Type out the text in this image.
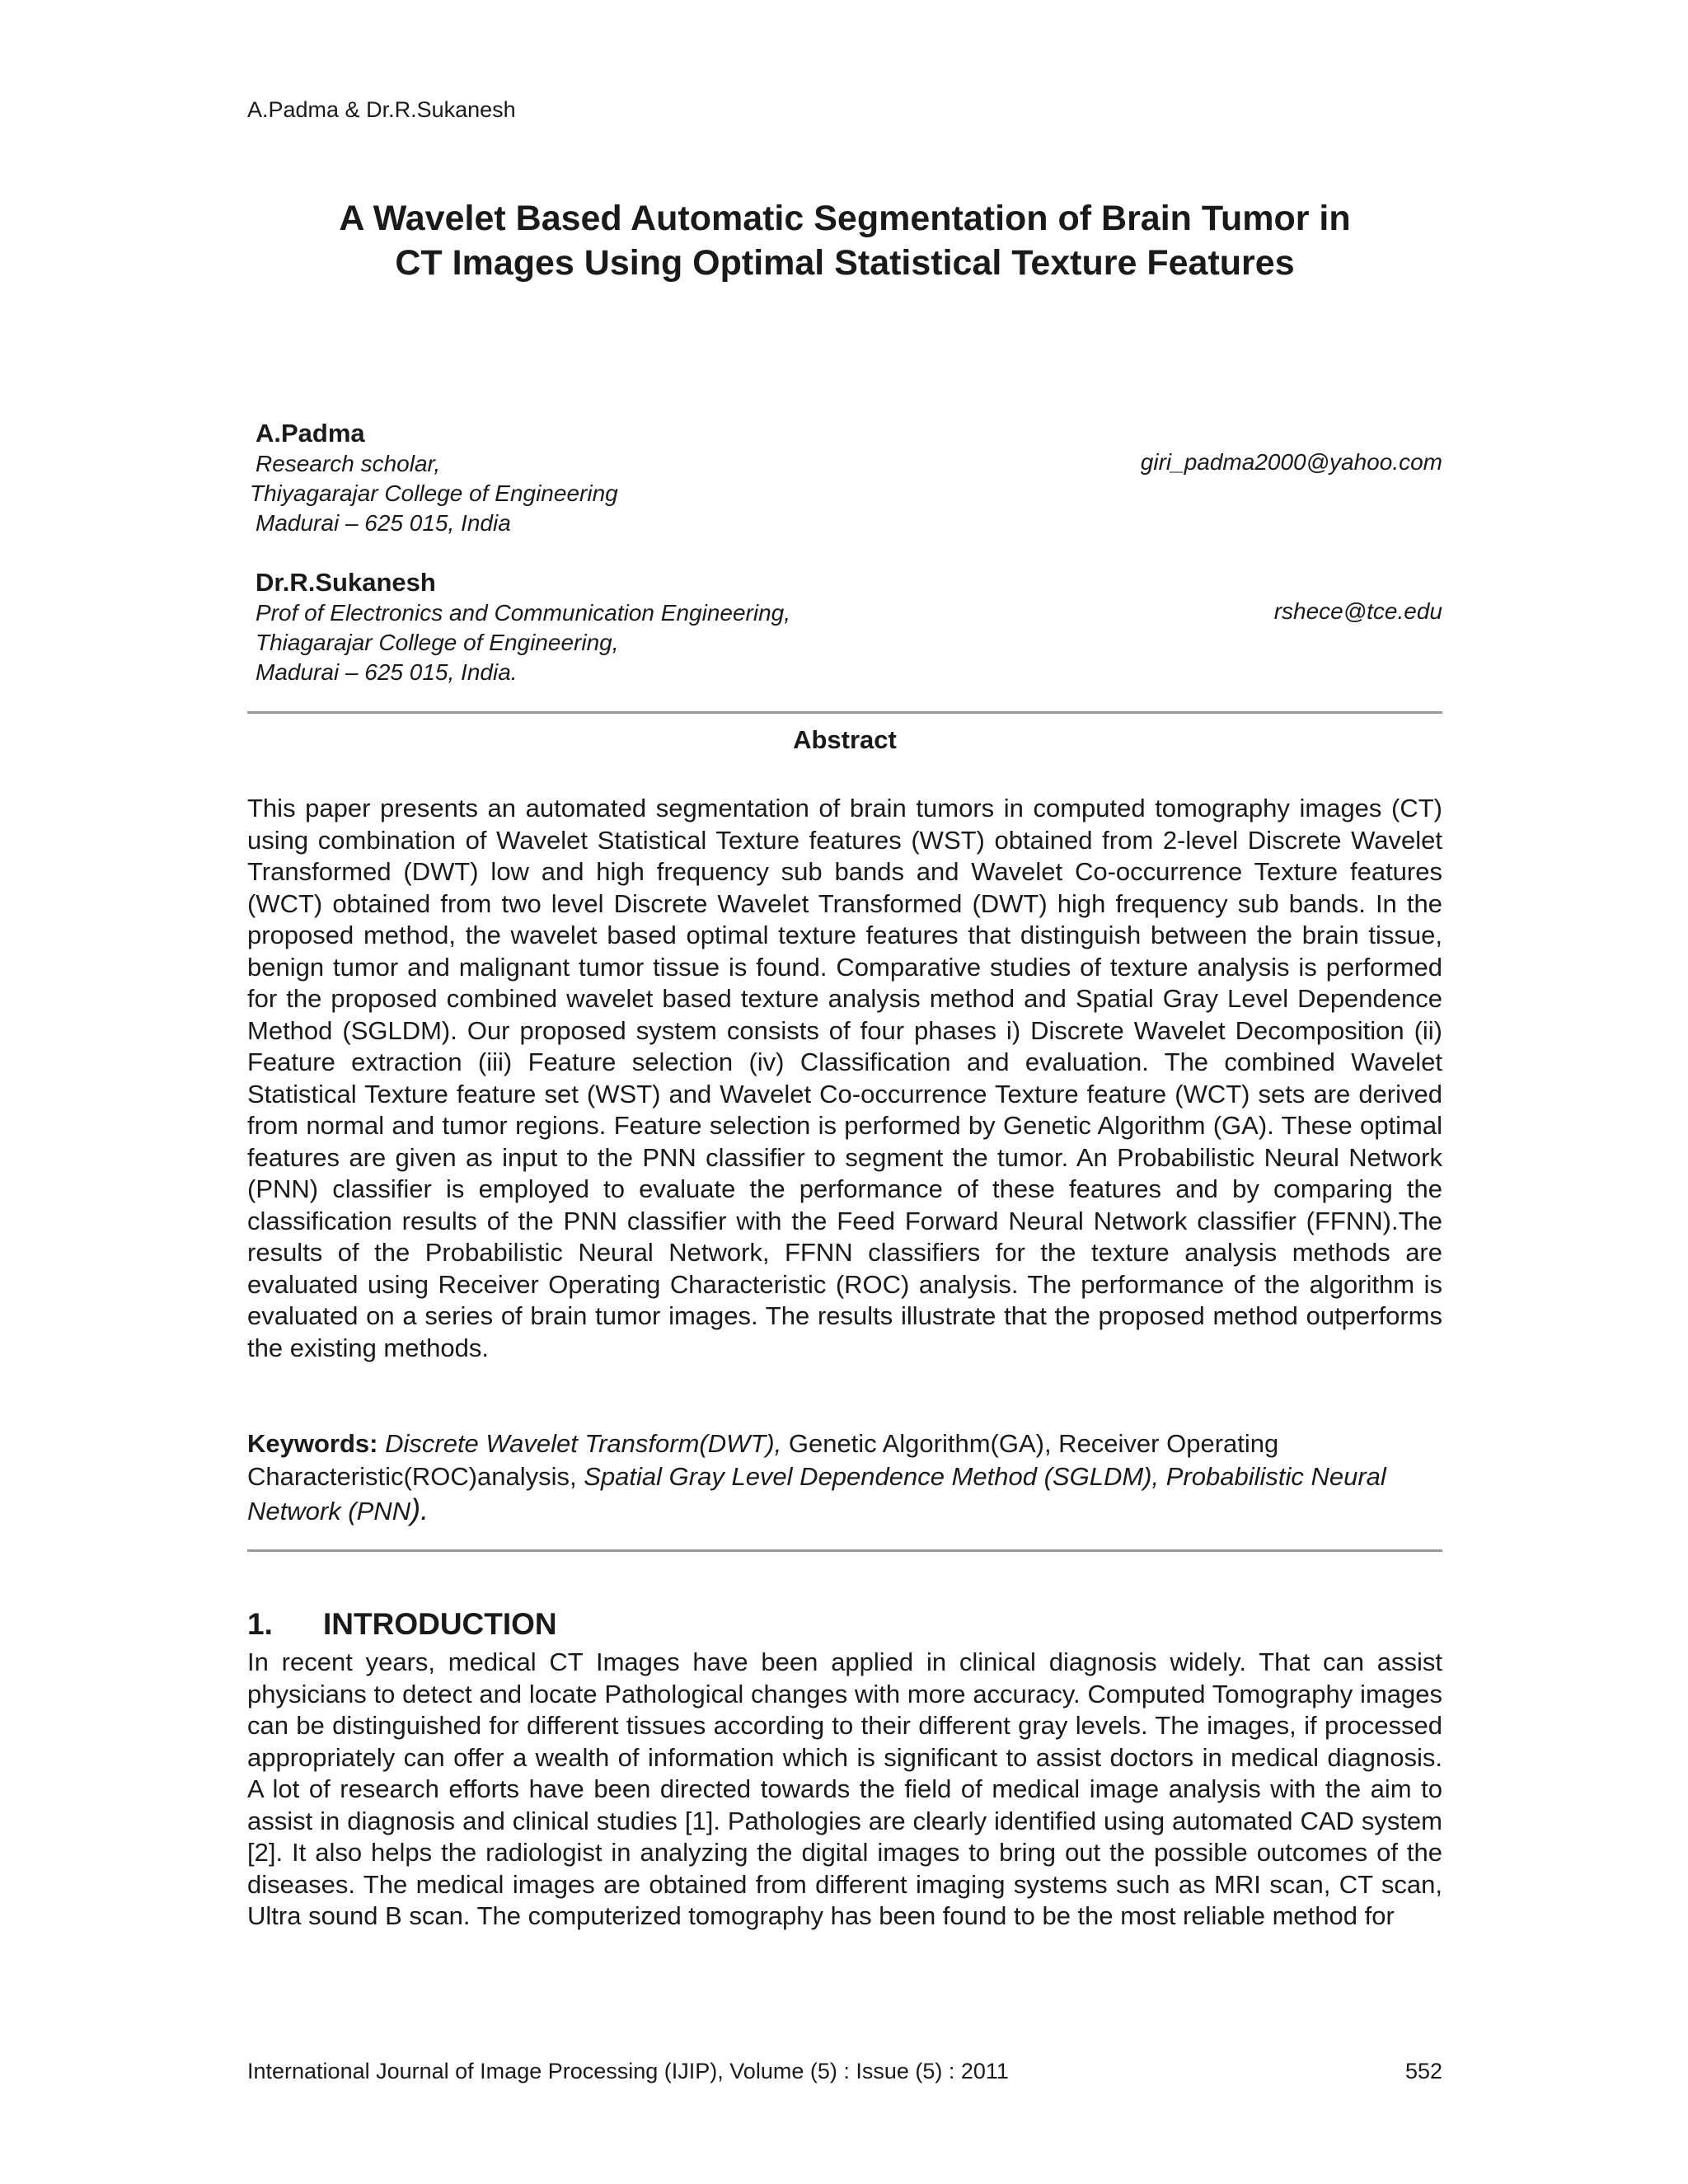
A.Padma & Dr.R.Sukanesh
A Wavelet Based Automatic Segmentation of Brain Tumor in
CT Images Using Optimal Statistical Texture Features
A.Padma
Research scholar,
Thiyagarajar College of Engineering
Madurai – 625 015, India
giri_padma2000@yahoo.com
Dr.R.Sukanesh
Prof of Electronics and Communication Engineering,
Thiagarajar College of Engineering,
Madurai – 625 015, India.
rshece@tce.edu
Abstract
This paper presents an automated segmentation of brain tumors in computed tomography images (CT) using combination of Wavelet Statistical Texture features (WST) obtained from 2-level Discrete Wavelet Transformed (DWT) low and high frequency sub bands and Wavelet Co-occurrence Texture features (WCT) obtained from two level Discrete Wavelet Transformed (DWT) high frequency sub bands. In the proposed method, the wavelet based optimal texture features that distinguish between the brain tissue, benign tumor and malignant tumor tissue is found. Comparative studies of texture analysis is performed for the proposed combined wavelet based texture analysis method and Spatial Gray Level Dependence Method (SGLDM). Our proposed system consists of four phases i) Discrete Wavelet Decomposition (ii) Feature extraction (iii) Feature selection (iv) Classification and evaluation. The combined Wavelet Statistical Texture feature set (WST) and Wavelet Co-occurrence Texture feature (WCT) sets are derived from normal and tumor regions. Feature selection is performed by Genetic Algorithm (GA). These optimal features are given as input to the PNN classifier to segment the tumor. An Probabilistic Neural Network (PNN) classifier is employed to evaluate the performance of these features and by comparing the classification results of the PNN classifier with the Feed Forward Neural Network classifier (FFNN).The results of the Probabilistic Neural Network, FFNN classifiers for the texture analysis methods are evaluated using Receiver Operating Characteristic (ROC) analysis. The performance of the algorithm is evaluated on a series of brain tumor images. The results illustrate that the proposed method outperforms the existing methods.
Keywords: Discrete Wavelet Transform(DWT), Genetic Algorithm(GA), Receiver Operating Characteristic(ROC)analysis, Spatial Gray Level Dependence Method (SGLDM), Probabilistic Neural Network (PNN).
1. INTRODUCTION
In recent years, medical CT Images have been applied in clinical diagnosis widely. That can assist physicians to detect and locate Pathological changes with more accuracy. Computed Tomography images can be distinguished for different tissues according to their different gray levels. The images, if processed appropriately can offer a wealth of information which is significant to assist doctors in medical diagnosis. A lot of research efforts have been directed towards the field of medical image analysis with the aim to assist in diagnosis and clinical studies [1]. Pathologies are clearly identified using automated CAD system [2]. It also helps the radiologist in analyzing the digital images to bring out the possible outcomes of the diseases. The medical images are obtained from different imaging systems such as MRI scan, CT scan, Ultra sound B scan. The computerized tomography has been found to be the most reliable method for
International Journal of Image Processing (IJIP), Volume (5) : Issue (5) : 2011	552
